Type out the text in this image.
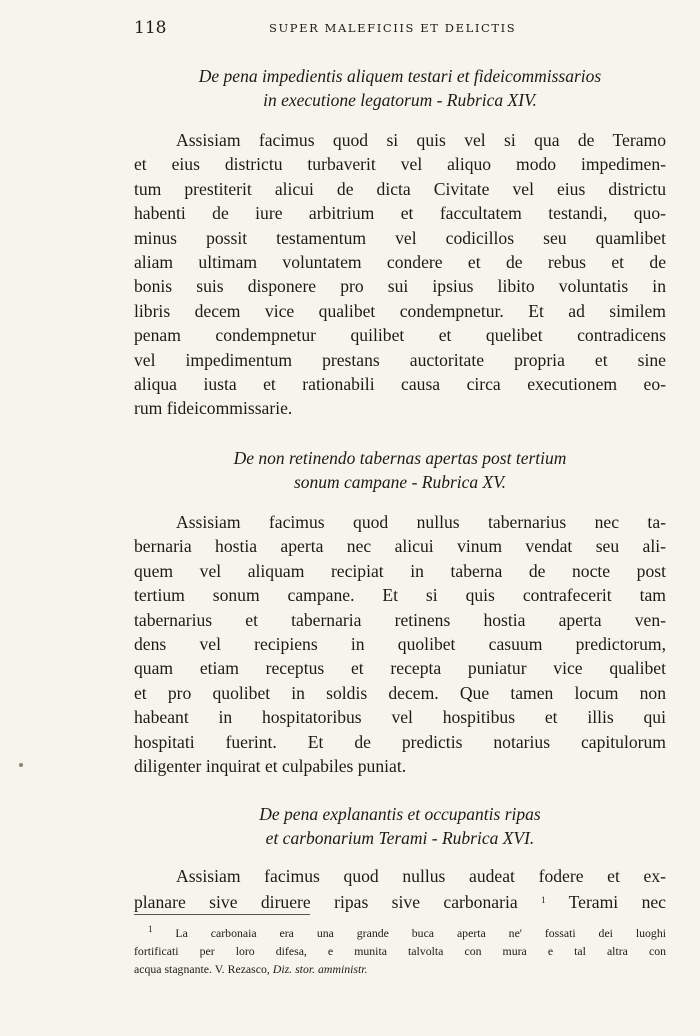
118	SUPER MALEFICIIS ET DELICTIS
De pena impedientis aliquem testari et fideicommissarios
in executione legatorum - Rubrica XIV.
Assisiam facimus quod si quis vel si qua de Teramo
et eius districtu turbaverit vel aliquo modo impedimen-
tum prestiterit alicui de dicta Civitate vel eius districtu
habenti de iure arbitrium et faccultatem testandi, quo-
minus possit testamentum vel codicillos seu quamlibet
aliam ultimam voluntatem condere et de rebus et de
bonis suis disponere pro sui ipsius libito voluntatis in
libris decem vice qualibet condempnetur. Et ad similem
penam condempnetur quilibet et quelibet contradicens
vel impedimentum prestans auctoritate propria et sine
aliqua iusta et rationabili causa circa executionem eo-
rum fideicommissarie.
De non retinendo tabernas apertas post tertium
sonum campane - Rubrica XV.
Assisiam facimus quod nullus tabernarius nec ta-
bernaria hostia aperta nec alicui vinum vendat seu ali-
quem vel aliquam recipiat in taberna de nocte post
tertium sonum campane. Et si quis contrafecerit tam
tabernarius et tabernaria retinens hostia aperta ven-
dens vel recipiens in quolibet casuum predictorum,
quam etiam receptus et recepta puniatur vice qualibet
et pro quolibet in soldis decem. Que tamen locum non
habeant in hospitatoribus vel hospitibus et illis qui
hospitati fuerint. Et de predictis notarius capitulorum
diligenter inquirat et culpabiles puniat.
De pena explanantis et occupantis ripas
et carbonarium Terami - Rubrica XVI.
Assisiam facimus quod nullus audeat fodere et ex-
planare sive diruere ripas sive carbonaria	$^1$ Terami nec
$^1$ La carbonaia era una grande buca aperta ne' fossati dei luoghi
fortificati per loro difesa, e munita talvolta con mura e tal altra con
acqua stagnante. V. Rezasco, Diz. stor. amministr.
